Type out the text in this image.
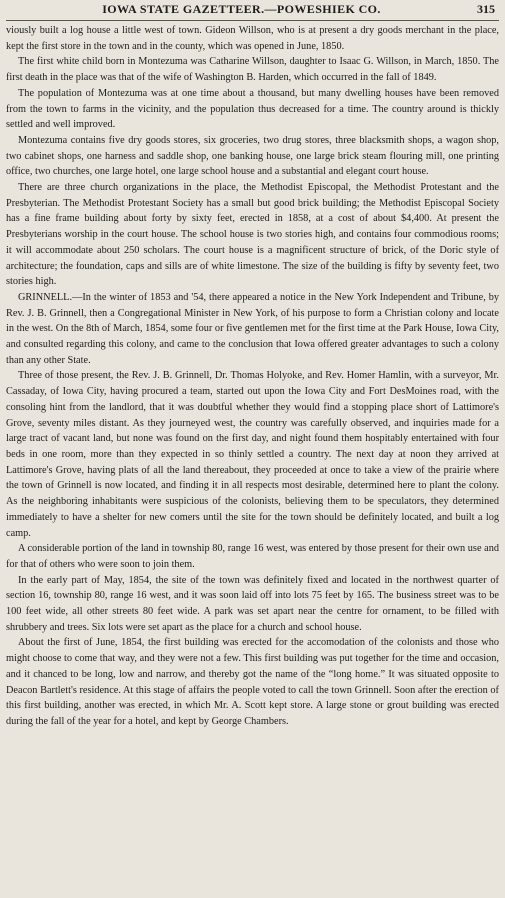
IOWA STATE GAZETTEER.—POWESHIEK CO.	315

viously built a log house a little west of town. Gideon Willson, who is at present a dry goods merchant in the place, kept the first store in the town and in the county, which was opened in June, 1850.

The first white child born in Montezuma was Catharine Willson, daughter to Isaac G. Willson, in March, 1850. The first death in the place was that of the wife of Washington B. Harden, which occurred in the fall of 1849.

The population of Montezuma was at one time about a thousand, but many dwelling houses have been removed from the town to farms in the vicinity, and the population thus decreased for a time. The country around is thickly settled and well improved.

Montezuma contains five dry goods stores, six groceries, two drug stores, three blacksmith shops, a wagon shop, two cabinet shops, one harness and saddle shop, one banking house, one large brick steam flouring mill, one printing office, two churches, one large hotel, one large school house and a substantial and elegant court house.

There are three church organizations in the place, the Methodist Episcopal, the Methodist Protestant and the Presbyterian. The Methodist Protestant Society has a small but good brick building; the Methodist Episcopal Society has a fine frame building about forty by sixty feet, erected in 1858, at a cost of about $4,400. At present the Presbyterians worship in the court house. The school house is two stories high, and contains four commodious rooms; it will accommodate about 250 scholars. The court house is a magnificent structure of brick, of the Doric style of architecture; the foundation, caps and sills are of white limestone. The size of the building is fifty by seventy feet, two stories high.

GRINNELL.—In the winter of 1853 and '54, there appeared a notice in the New York Independent and Tribune, by Rev. J. B. Grinnell, then a Congregational Minister in New York, of his purpose to form a Christian colony and locate in the west. On the 8th of March, 1854, some four or five gentlemen met for the first time at the Park House, Iowa City, and consulted regarding this colony, and came to the conclusion that Iowa offered greater advantages to such a colony than any other State.

Three of those present, the Rev. J. B. Grinnell, Dr. Thomas Holyoke, and Rev. Homer Hamlin, with a surveyor, Mr. Cassaday, of Iowa City, having procured a team, started out upon the Iowa City and Fort DesMoines road, with the consoling hint from the landlord, that it was doubtful whether they would find a stopping place short of Lattimore's Grove, seventy miles distant. As they journeyed west, the country was carefully observed, and inquiries made for a large tract of vacant land, but none was found on the first day, and night found them hospitably entertained with four beds in one room, more than they expected in so thinly settled a country. The next day at noon they arrived at Lattimore's Grove, having plats of all the land thereabout, they proceeded at once to take a view of the prairie where the town of Grinnell is now located, and finding it in all respects most desirable, determined here to plant the colony. As the neighboring inhabitants were suspicious of the colonists, believing them to be speculators, they determined immediately to have a shelter for new comers until the site for the town should be definitely located, and built a log camp.

A considerable portion of the land in township 80, range 16 west, was entered by those present for their own use and for that of others who were soon to join them.

In the early part of May, 1854, the site of the town was definitely fixed and located in the northwest quarter of section 16, township 80, range 16 west, and it was soon laid off into lots 75 feet by 165. The business street was to be 100 feet wide, all other streets 80 feet wide. A park was set apart near the centre for ornament, to be filled with shrubbery and trees. Six lots were set apart as the place for a church and school house.

About the first of June, 1854, the first building was erected for the accomodation of the colonists and those who might choose to come that way, and they were not a few. This first building was put together for the time and occasion, and it chanced to be long, low and narrow, and thereby got the name of the “long home.” It was situated opposite to Deacon Bartlett's residence. At this stage of affairs the people voted to call the town Grinnell. Soon after the erection of this first building, another was erected, in which Mr. A. Scott kept store. A large stone or grout building was erected during the fall of the year for a hotel, and kept by George Chambers.
